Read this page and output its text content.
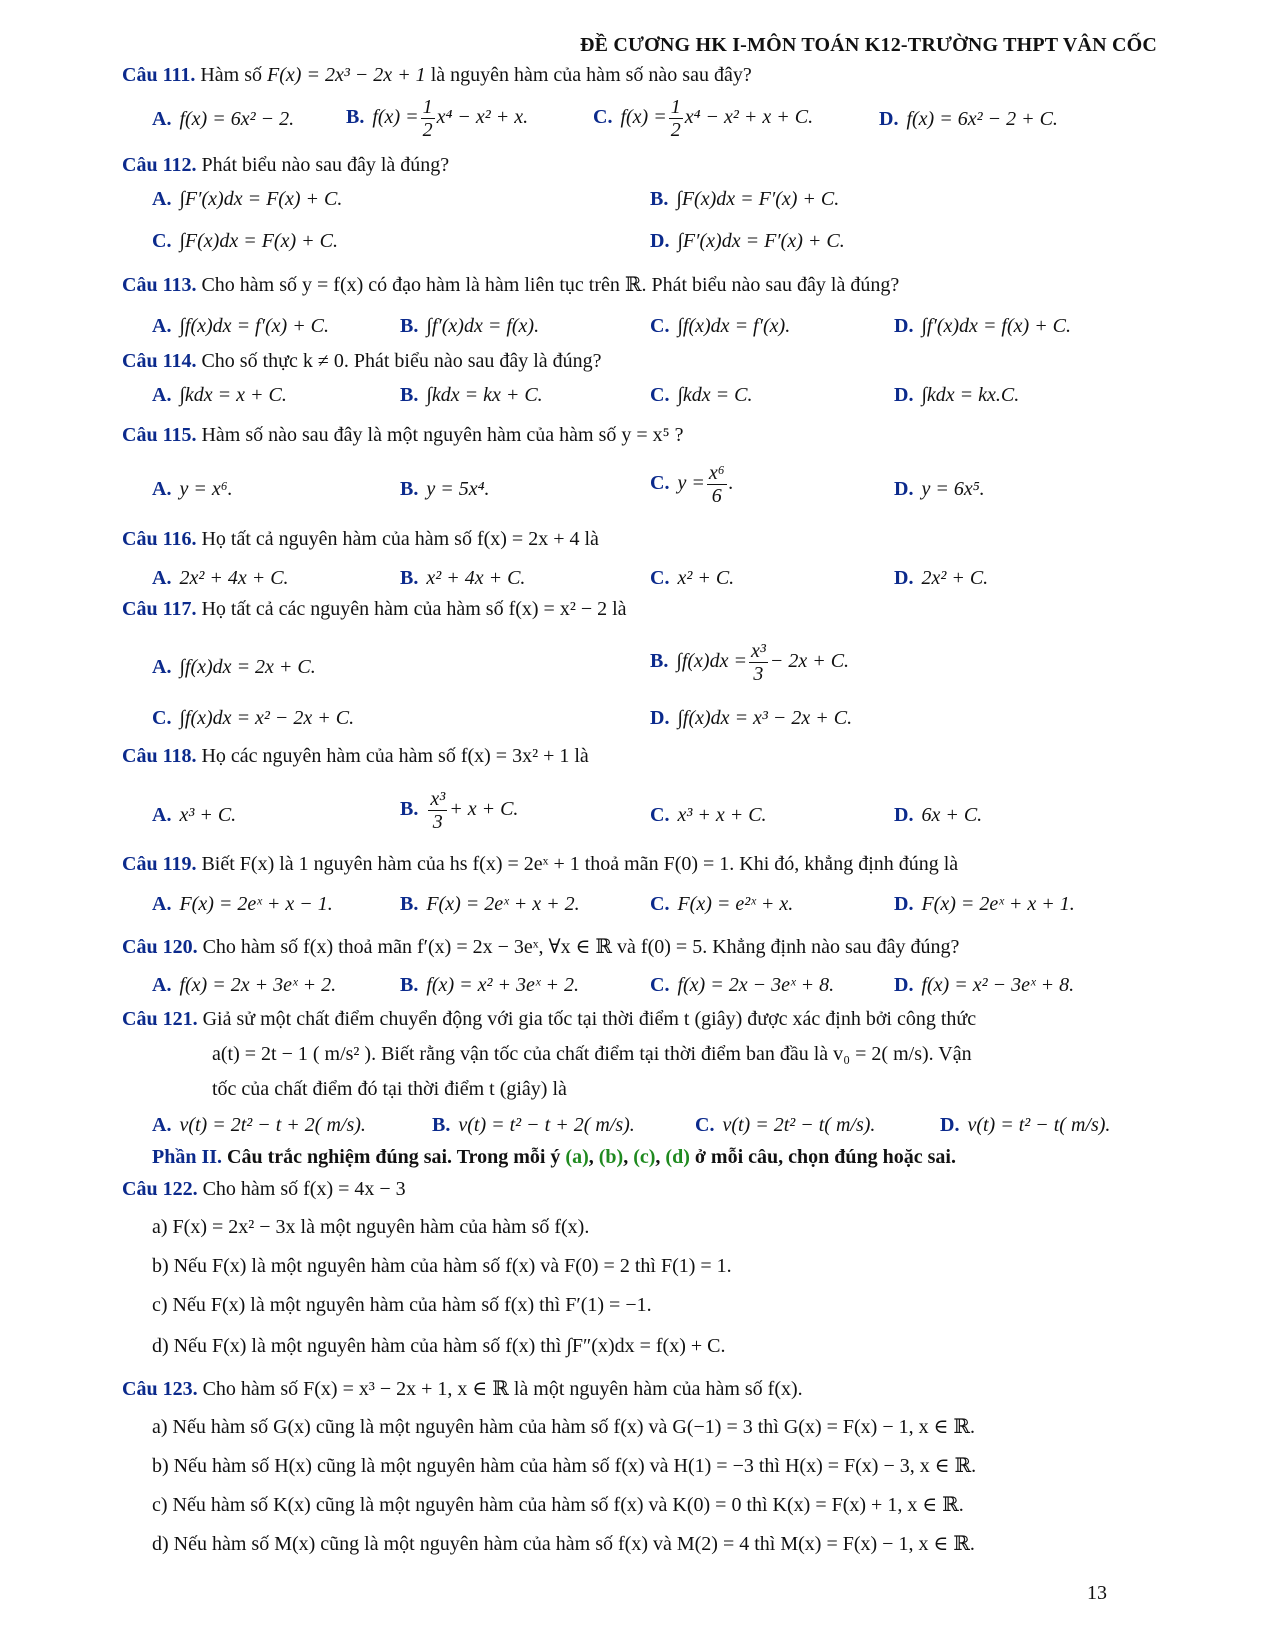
ĐỀ CƯƠNG HK I-MÔN TOÁN K12-TRƯỜNG THPT VÂN CỐC
Câu 111. Hàm số F(x) = 2x³ − 2x + 1 là nguyên hàm của hàm số nào sau đây?
A. f(x) = 6x² − 2.	B. $f(x) = \frac{1}{2} x^4 - x^2 + x$.	C. $f(x) = \frac{1}{2} x^4 - x^2 + x + C$.	D. f(x) = 6x² − 2 + C.
Câu 112. Phát biểu nào sau đây là đúng?
A. ∫F′(x)dx = F(x) + C.	B. ∫F(x)dx = F′(x) + C.
C. ∫F(x)dx = F(x) + C.	D. ∫F′(x)dx = F′(x) + C.
Câu 113. Cho hàm số y = f(x) có đạo hàm là hàm liên tục trên ℝ. Phát biểu nào sau đây là đúng?
A. ∫f(x)dx = f′(x) + C.	B. ∫f′(x)dx = f(x).	C. ∫f(x)dx = f′(x).	D. ∫f′(x)dx = f(x) + C.
Câu 114. Cho số thực k ≠ 0. Phát biểu nào sau đây là đúng?
A. ∫kdx = x + C.	B. ∫kdx = kx + C.	C. ∫kdx = C.	D. ∫kdx = kx.C.
Câu 115. Hàm số nào sau đây là một nguyên hàm của hàm số y = x⁵ ?
A. y = x⁶.	B. y = 5x⁴.	C. $y = \frac{\text{x⁶}}{6}$ .	D. y = 6x⁵.
Câu 116. Họ tất cả nguyên hàm của hàm số f(x) = 2x + 4 là
A. 2x² + 4x + C.	B. x² + 4x + C.	C. x² + C.	D. 2x² + C.
Câu 117. Họ tất cả các nguyên hàm của hàm số f(x) = x² − 2 là
A. ∫f(x)dx = 2x + C.	B. $\int f(x)dx = \frac{\text{x³}}{3} - 2x + C$.
C. ∫f(x)dx = x² − 2x + C.	D. ∫f(x)dx = x³ − 2x + C.
Câu 118. Họ các nguyên hàm của hàm số f(x) = 3x² + 1 là
A. x³ + C.	B. $\frac{\text{x³}}{3} + x + C$.	C. x³ + x + C.	D. 6x + C.
Câu 119. Biết F(x) là 1 nguyên hàm của hs f(x) = 2eˣ + 1 thoả mãn F(0) = 1. Khi đó, khẳng định đúng là
A. F(x) = 2eˣ + x − 1.	B. F(x) = 2eˣ + x + 2.	C. F(x) = e²ˣ + x.	D. F(x) = 2eˣ + x + 1.
Câu 120. Cho hàm số f(x) thoả mãn f′(x) = 2x − 3eˣ, ∀x ∈ ℝ và f(0) = 5. Khẳng định nào sau đây đúng?
A. f(x) = 2x + 3eˣ + 2.	B. f(x) = x² + 3eˣ + 2.	C. f(x) = 2x − 3eˣ + 8.	D. f(x) = x² − 3eˣ + 8.
Câu 121. Giả sử một chất điểm chuyển động với gia tốc tại thời điểm t (giây) được xác định bởi công thức
a(t) = 2t − 1 ( m/s² ). Biết rằng vận tốc của chất điểm tại thời điểm ban đầu là v₀ = 2( m/s). Vận
tốc của chất điểm đó tại thời điểm t (giây) là
A. v(t) = 2t² − t + 2( m/s).	B. v(t) = t² − t + 2( m/s).	C. v(t) = 2t² − t( m/s).	D. v(t) = t² − t( m/s).
Phần II. Câu trắc nghiệm đúng sai. Trong mỗi ý (a), (b), (c), (d) ở mỗi câu, chọn đúng hoặc sai.
Câu 122. Cho hàm số f(x) = 4x − 3
a) F(x) = 2x² − 3x là một nguyên hàm của hàm số f(x).
b) Nếu F(x) là một nguyên hàm của hàm số f(x) và F(0) = 2 thì F(1) = 1.
c) Nếu F(x) là một nguyên hàm của hàm số f(x) thì F′(1) = −1.
d) Nếu F(x) là một nguyên hàm của hàm số f(x) thì ∫F″(x)dx = f(x) + C.
Câu 123. Cho hàm số F(x) = x³ − 2x + 1, x ∈ ℝ là một nguyên hàm của hàm số f(x).
a) Nếu hàm số G(x) cũng là một nguyên hàm của hàm số f(x) và G(−1) = 3 thì G(x) = F(x) − 1, x ∈ ℝ.
b) Nếu hàm số H(x) cũng là một nguyên hàm của hàm số f(x) và H(1) = −3 thì H(x) = F(x) − 3, x ∈ ℝ.
c) Nếu hàm số K(x) cũng là một nguyên hàm của hàm số f(x) và K(0) = 0 thì K(x) = F(x) + 1, x ∈ ℝ.
d) Nếu hàm số M(x) cũng là một nguyên hàm của hàm số f(x) và M(2) = 4 thì M(x) = F(x) − 1, x ∈ ℝ.
13
